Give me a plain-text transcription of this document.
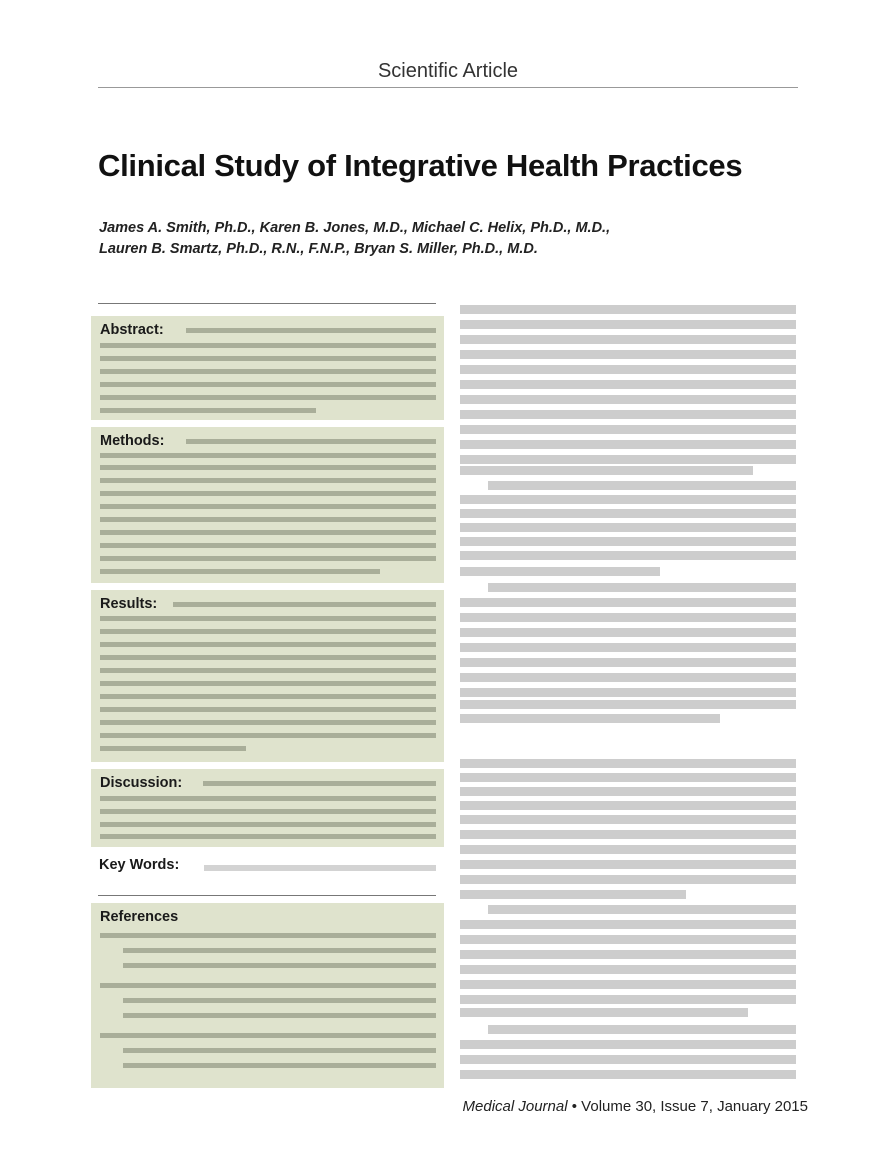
Scientific Article
Clinical Study of Integrative Health Practices
James A. Smith, Ph.D., Karen B. Jones, M.D., Michael C. Helix, Ph.D., M.D.,
Lauren B. Smartz, Ph.D., R.N., F.N.P., Bryan S. Miller, Ph.D., M.D.
Abstract:
Methods:
Results:
Discussion:
Key Words:
References
Medical Journal • Volume 30, Issue 7, January 2015
